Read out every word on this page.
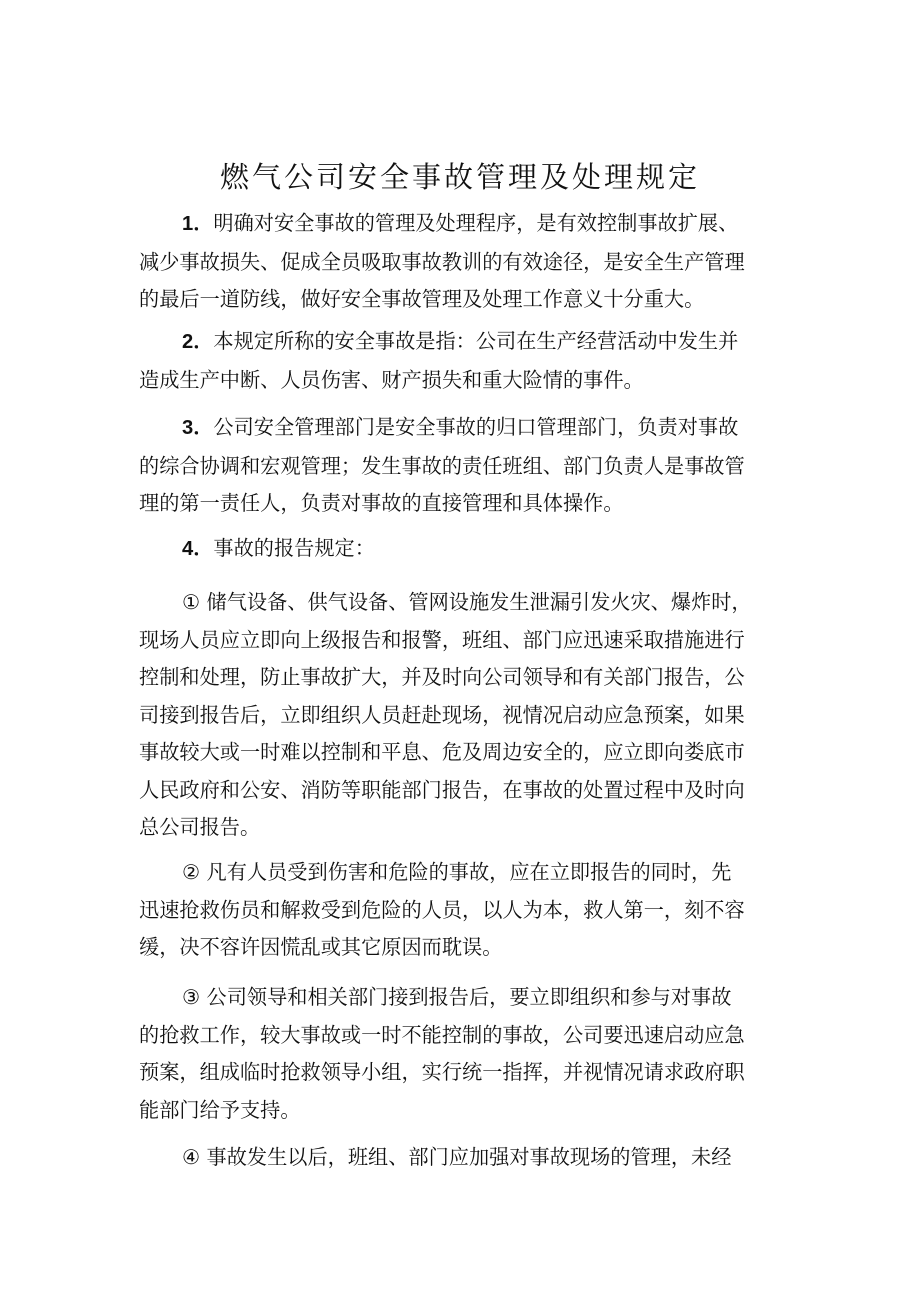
燃气公司安全事故管理及处理规定
1．明确对安全事故的管理及处理程序，是有效控制事故扩展、
减少事故损失、促成全员吸取事故教训的有效途径，是安全生产管理
的最后一道防线，做好安全事故管理及处理工作意义十分重大。
2．本规定所称的安全事故是指：公司在生产经营活动中发生并
造成生产中断、人员伤害、财产损失和重大险情的事件。
3．公司安全管理部门是安全事故的归口管理部门，负责对事故
的综合协调和宏观管理；发生事故的责任班组、部门负责人是事故管
理的第一责任人，负责对事故的直接管理和具体操作。
4．事故的报告规定：
① 储气设备、供气设备、管网设施发生泄漏引发火灾、爆炸时，
现场人员应立即向上级报告和报警，班组、部门应迅速采取措施进行
控制和处理，防止事故扩大，并及时向公司领导和有关部门报告，公
司接到报告后，立即组织人员赶赴现场，视情况启动应急预案，如果
事故较大或一时难以控制和平息、危及周边安全的，应立即向娄底市
人民政府和公安、消防等职能部门报告，在事故的处置过程中及时向
总公司报告。
② 凡有人员受到伤害和危险的事故，应在立即报告的同时，先
迅速抢救伤员和解救受到危险的人员，以人为本，救人第一，刻不容
缓，决不容许因慌乱或其它原因而耽误。
③ 公司领导和相关部门接到报告后，要立即组织和参与对事故
的抢救工作，较大事故或一时不能控制的事故，公司要迅速启动应急
预案，组成临时抢救领导小组，实行统一指挥，并视情况请求政府职
能部门给予支持。
④ 事故发生以后，班组、部门应加强对事故现场的管理，未经
